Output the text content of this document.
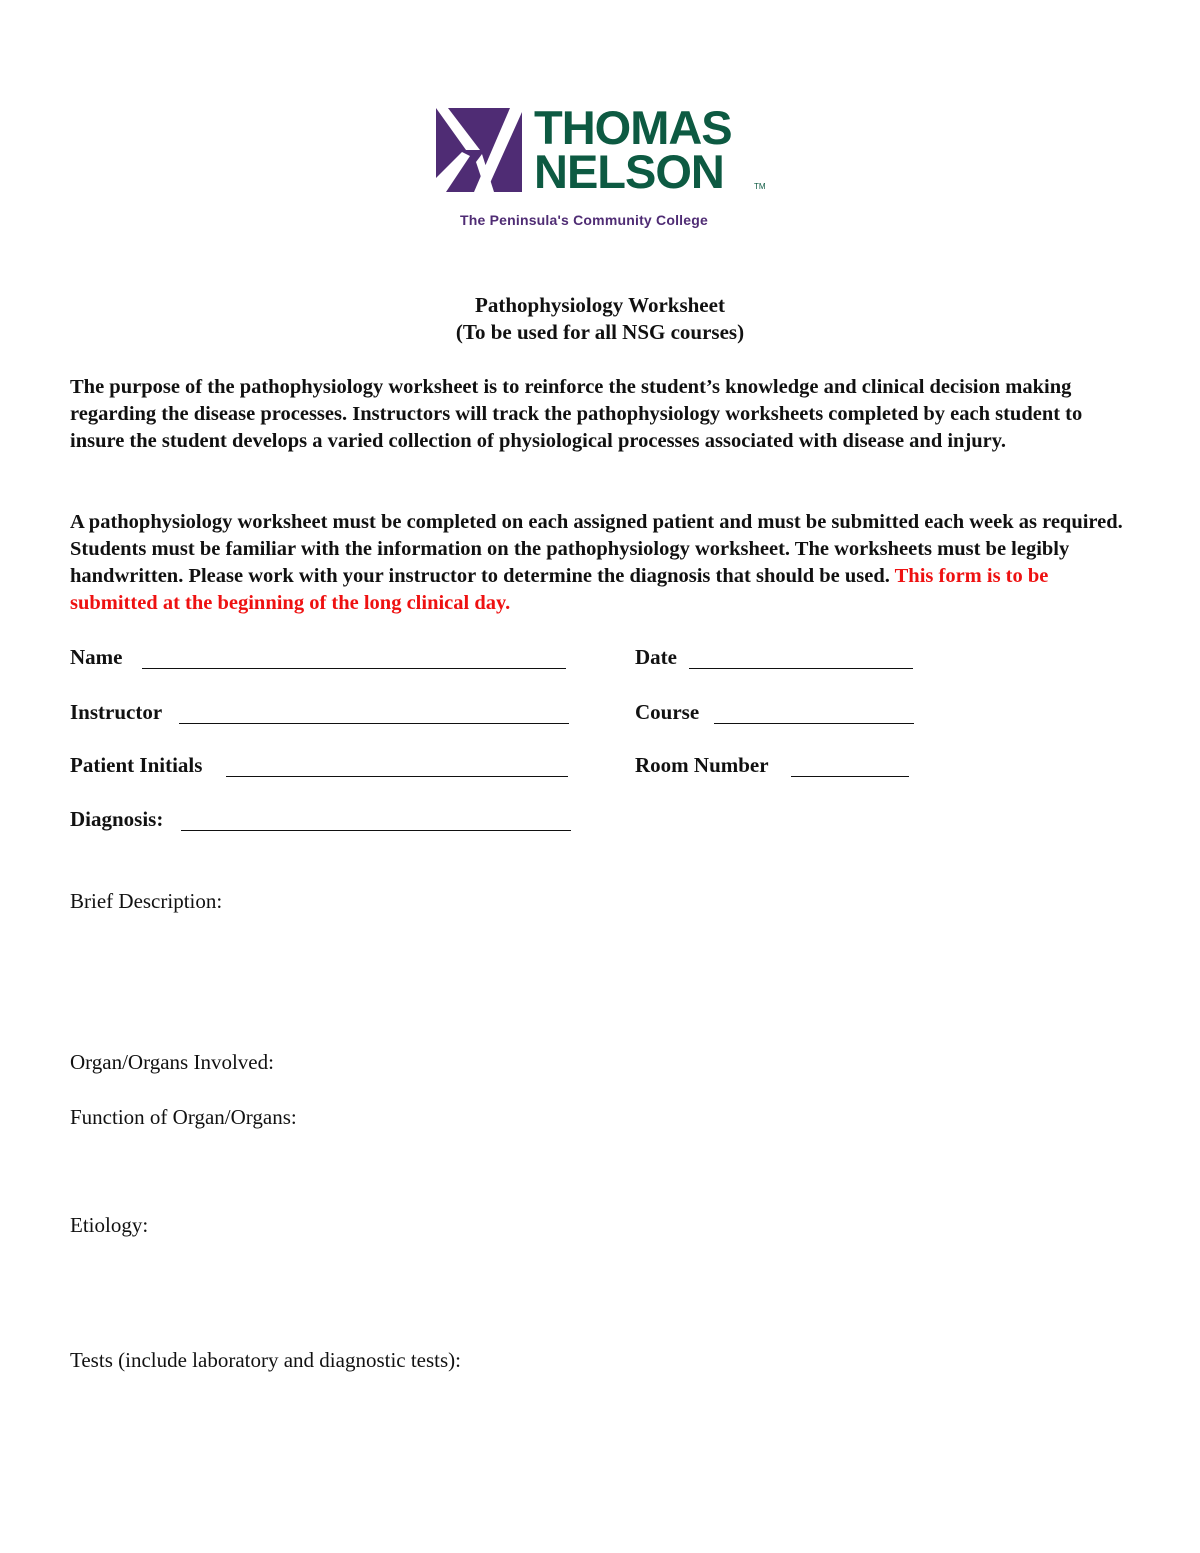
THOMAS
NELSON	TM
The Peninsula's Community College
Pathophysiology Worksheet
(To be used for all NSG courses)

The purpose of the pathophysiology worksheet is to reinforce the student’s knowledge and clinical decision making regarding the disease processes. Instructors will track the pathophysiology worksheets completed by each student to insure the student develops a varied collection of physiological processes associated with disease and injury.

A pathophysiology worksheet must be completed on each assigned patient and must be submitted each week as required. Students must be familiar with the information on the pathophysiology worksheet. The worksheets must be legibly handwritten. Please work with your instructor to determine the diagnosis that should be used. This form is to be submitted at the beginning of the long clinical day.

Name	Date
Instructor	Course
Patient Initials	Room Number
Diagnosis:
Brief Description:
Organ/Organs Involved:
Function of Organ/Organs:
Etiology:
Tests (include laboratory and diagnostic tests):
